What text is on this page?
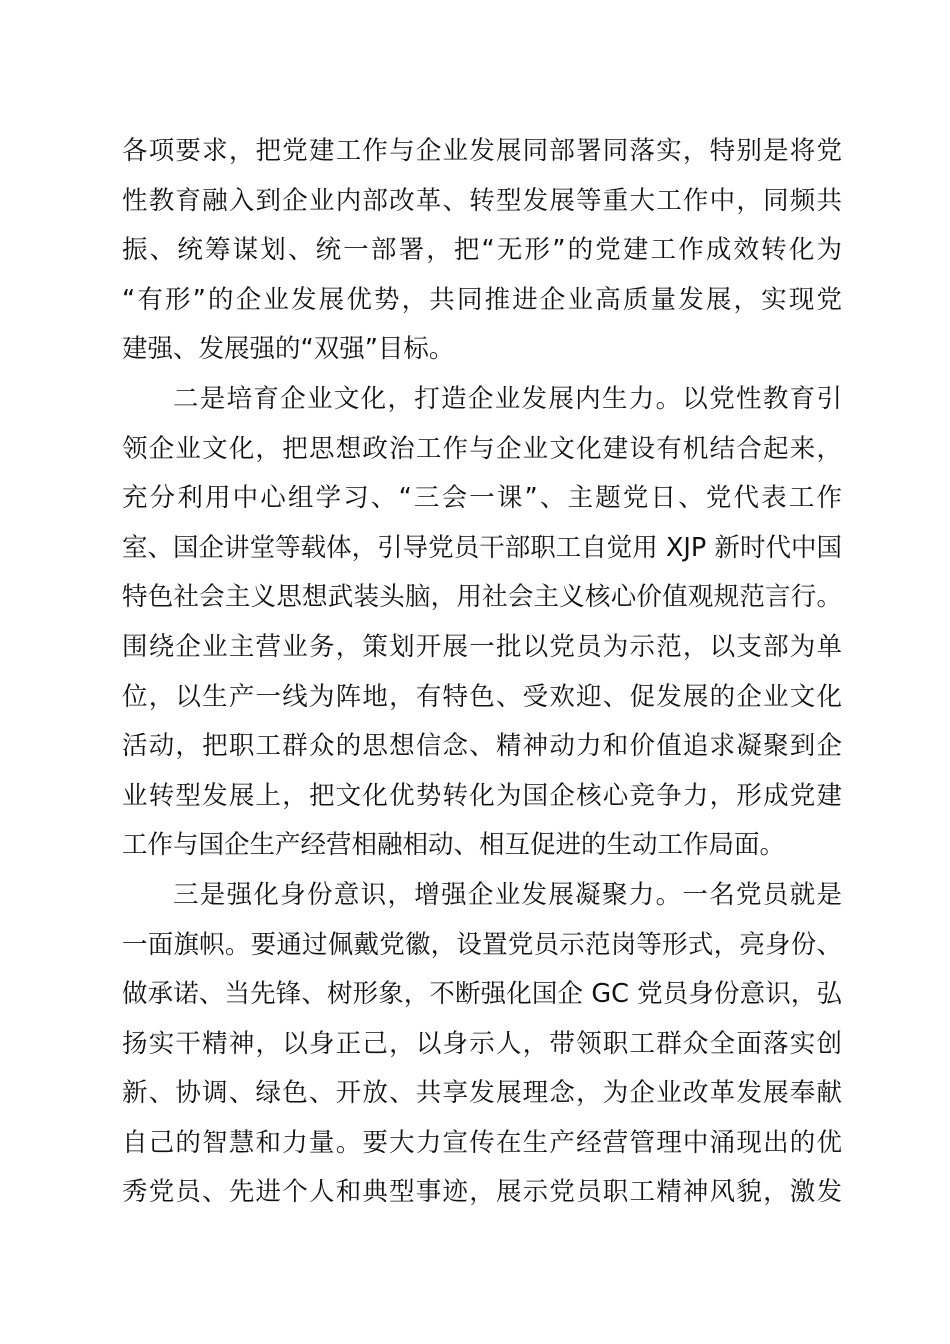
各项要求，把党建工作与企业发展同部署同落实，特别是将党
性教育融入到企业内部改革、转型发展等重大工作中，同频共
振、统筹谋划、统一部署，把“无形”的党建工作成效转化为
“有形”的企业发展优势，共同推进企业高质量发展，实现党
建强、发展强的“双强”目标。
二是培育企业文化，打造企业发展内生力。以党性教育引
领企业文化，把思想政治工作与企业文化建设有机结合起来，
充分利用中心组学习、“三会一课”、主题党日、党代表工作
室、国企讲堂等载体，引导党员干部职工自觉用 XJP 新时代中国
特色社会主义思想武装头脑，用社会主义核心价值观规范言行。
围绕企业主营业务，策划开展一批以党员为示范，以支部为单
位，以生产一线为阵地，有特色、受欢迎、促发展的企业文化
活动，把职工群众的思想信念、精神动力和价值追求凝聚到企
业转型发展上，把文化优势转化为国企核心竞争力，形成党建
工作与国企生产经营相融相动、相互促进的生动工作局面。
三是强化身份意识，增强企业发展凝聚力。一名党员就是
一面旗帜。要通过佩戴党徽，设置党员示范岗等形式，亮身份、
做承诺、当先锋、树形象，不断强化国企 GC 党员身份意识，弘
扬实干精神，以身正己，以身示人，带领职工群众全面落实创
新、协调、绿色、开放、共享发展理念，为企业改革发展奉献
自己的智慧和力量。要大力宣传在生产经营管理中涌现出的优
秀党员、先进个人和典型事迹，展示党员职工精神风貌，激发
